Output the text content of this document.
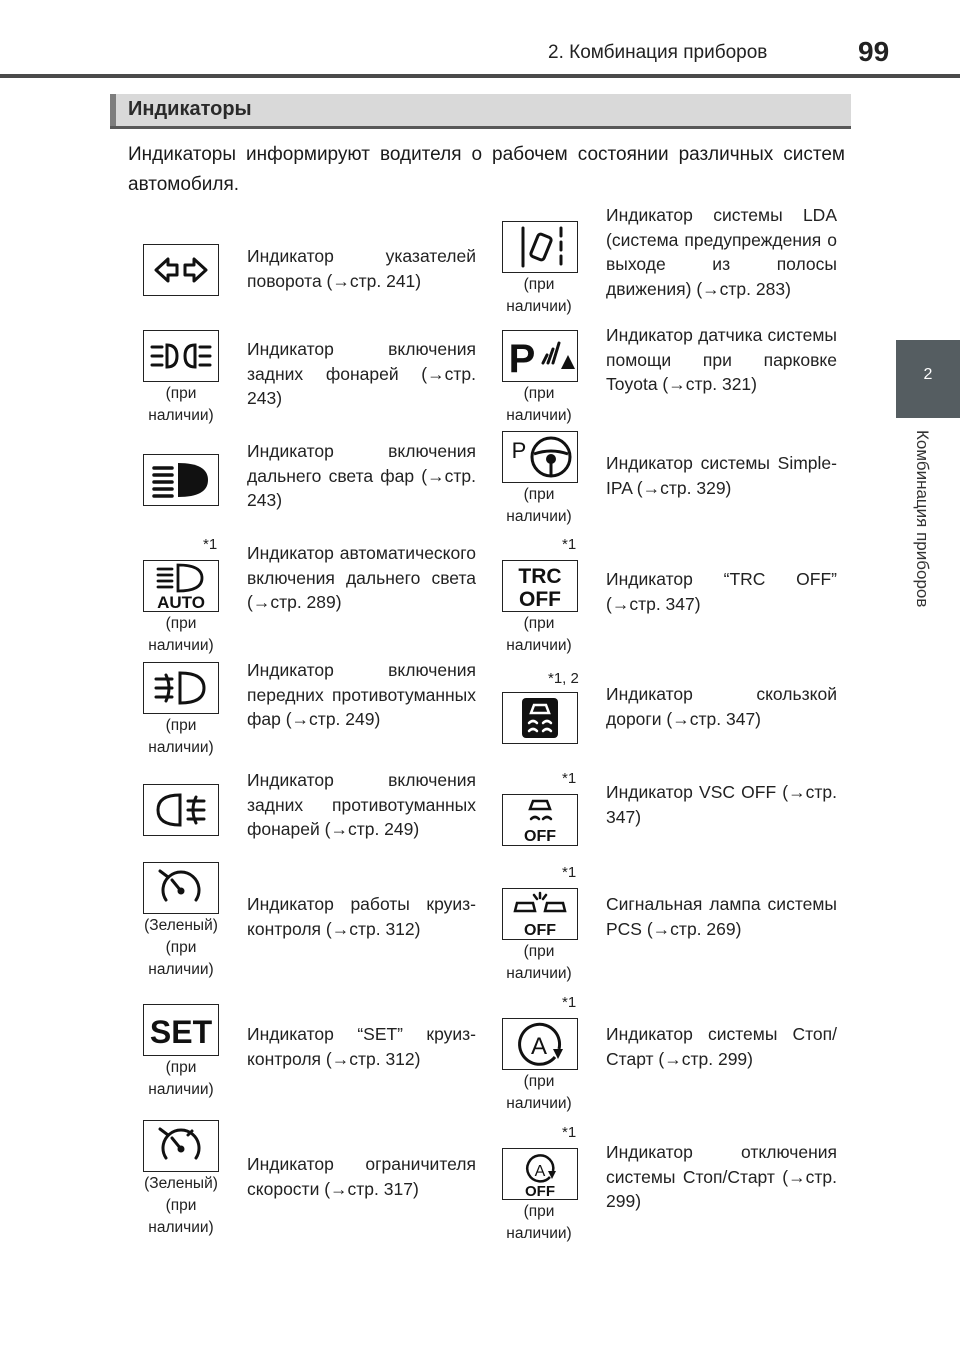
2. Комбинация приборов	99
2
Комбинация приборов
Индикаторы
Индикаторы информируют водителя о рабочем состоянии различных систем автомобиля.
Индикатор указателей поворота (→стр. 241)
(при
наличии)
Индикатор включения задних фонарей (→стр. 243)
Индикатор включения дальнего света фар (→стр. 243)
*1
AUTO
(при
наличии)
Индикатор автоматического включения дальнего света (→стр. 289)
(при
наличии)
Индикатор включения передних противотуманных фар (→стр. 249)
Индикатор включения задних противотуманных фонарей (→стр. 249)
(Зеленый)
(при
наличии)
Индикатор работы круиз-контроля (→стр. 312)
SET
(при
наличии)
Индикатор “SET” круиз-контроля (→стр. 312)
(Зеленый)
(при
наличии)
Индикатор ограничителя скорости (→стр. 317)
(при
наличии)
Индикатор системы LDA (система предупреждения о выходе из полосы движения) (→стр. 283)
P
(при
наличии)
Индикатор датчика системы помощи при парковке Toyota (→стр. 321)
P
(при
наличии)
Индикатор системы Simple-IPA (→стр. 329)
*1
TRC
OFF
(при
наличии)
Индикатор “TRC OFF” (→стр. 347)
*1, 2
Индикатор скользкой дороги (→стр. 347)
*1
OFF
Индикатор VSC OFF (→стр. 347)
*1
OFF
(при
наличии)
Сигнальная лампа системы PCS (→стр. 269)
*1
A
(при
наличии)
Индикатор системы Стоп/Старт (→стр. 299)
*1
A
OFF
(при
наличии)
Индикатор отключения системы Стоп/Старт (→стр. 299)
